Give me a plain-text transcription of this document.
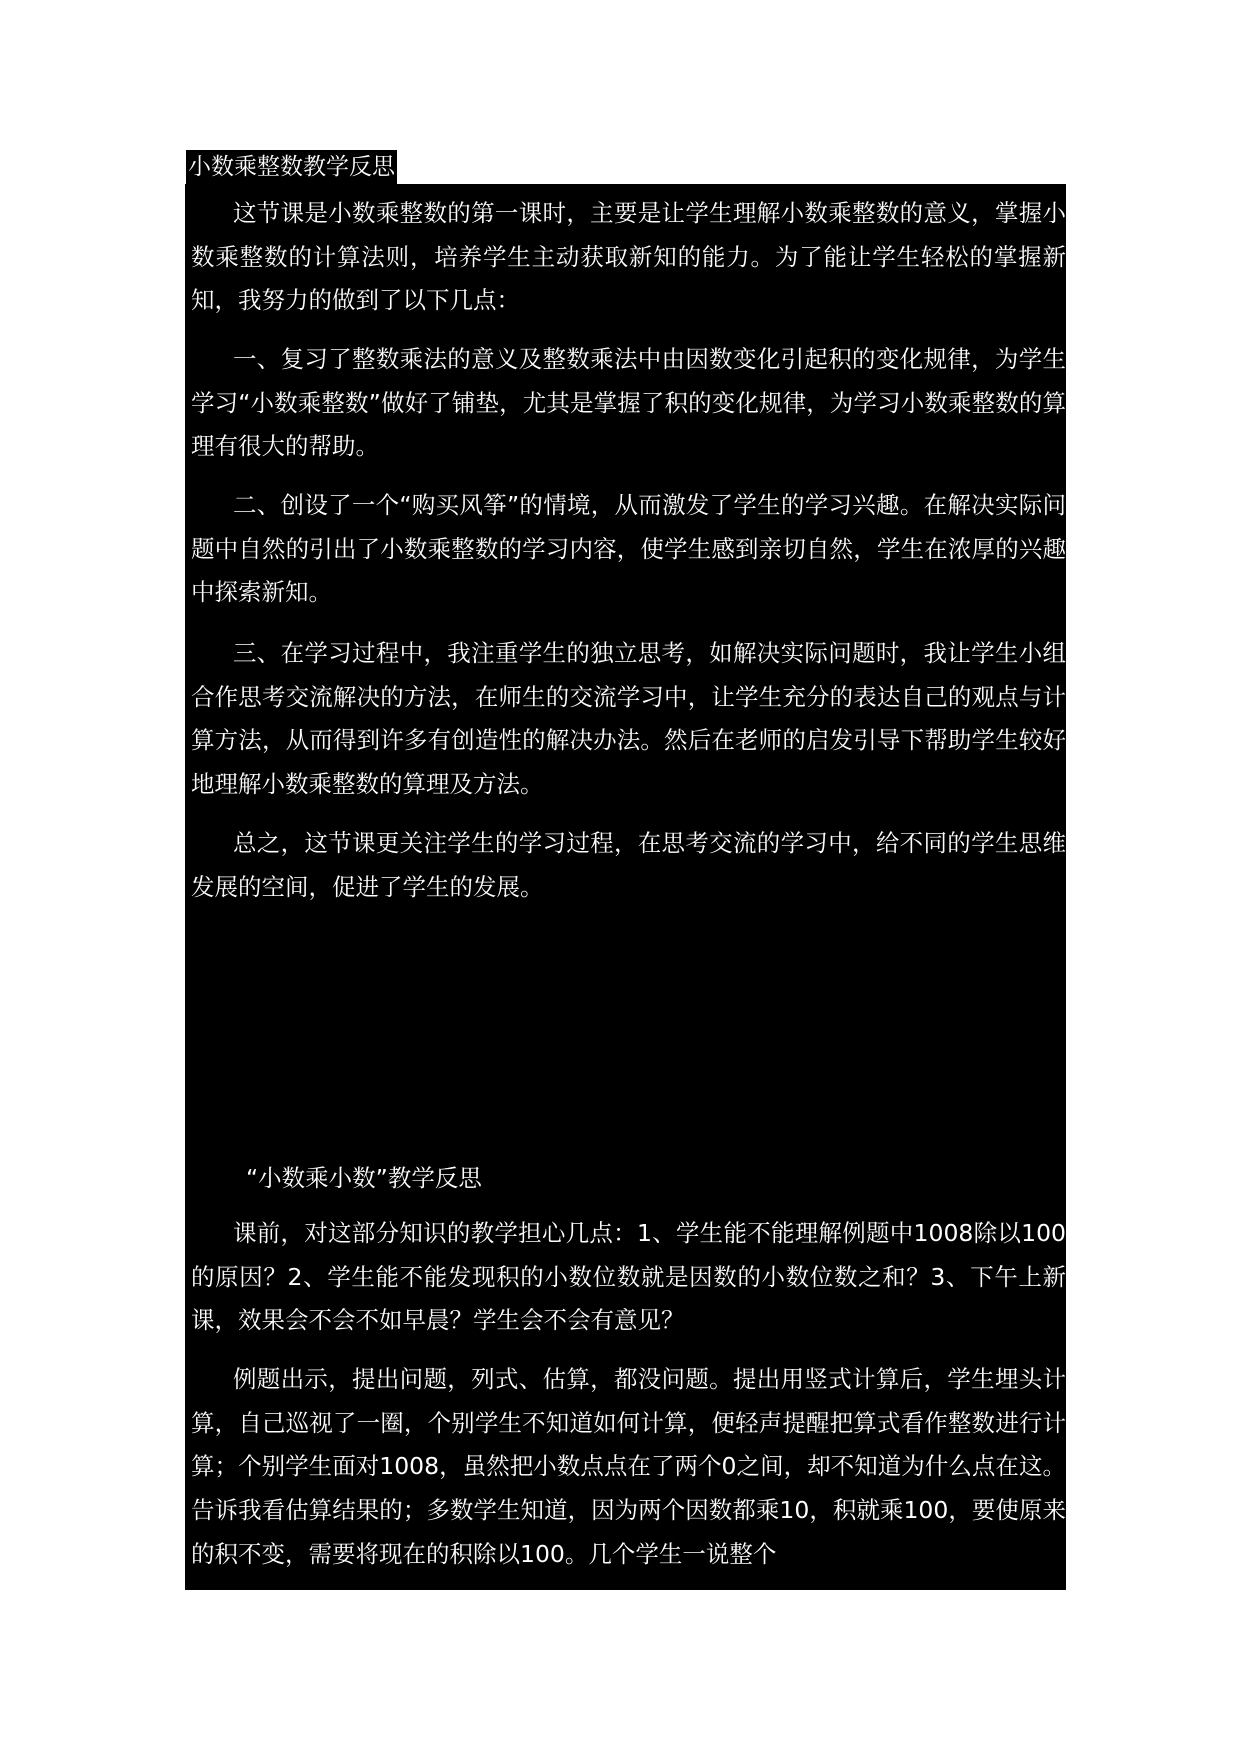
小数乘整数教学反思

这节课是小数乘整数的第一课时，主要是让学生理解小数乘整数的意义，掌握小数乘整数的计算法则，培养学生主动获取新知的能力。为了能让学生轻松的掌握新知，我努力的做到了以下几点：

一、复习了整数乘法的意义及整数乘法中由因数变化引起积的变化规律，为学生学习“小数乘整数”做好了铺垫，尤其是掌握了积的变化规律，为学习小数乘整数的算理有很大的帮助。

二、创设了一个“购买风筝”的情境，从而激发了学生的学习兴趣。在解决实际问题中自然的引出了小数乘整数的学习内容，使学生感到亲切自然，学生在浓厚的兴趣中探索新知。

三、在学习过程中，我注重学生的独立思考，如解决实际问题时，我让学生小组合作思考交流解决的方法，在师生的交流学习中，让学生充分的表达自己的观点与计算方法，从而得到许多有创造性的解决办法。然后在老师的启发引导下帮助学生较好地理解小数乘整数的算理及方法。

总之，这节课更关注学生的学习过程，在思考交流的学习中，给不同的学生思维发展的空间，促进了学生的发展。

“小数乘小数”教学反思

课前，对这部分知识的教学担心几点：1、学生能不能理解例题中1008除以100的原因？2、学生能不能发现积的小数位数就是因数的小数位数之和？3、下午上新课，效果会不会不如早晨？学生会不会有意见？

例题出示，提出问题，列式、估算，都没问题。提出用竖式计算后，学生埋头计算，自己巡视了一圈，个别学生不知道如何计算，便轻声提醒把算式看作整数进行计算；个别学生面对1008，虽然把小数点点在了两个0之间，却不知道为什么点在这。告诉我看估算结果的；多数学生知道，因为两个因数都乘10，积就乘100，要使原来的积不变，需要将现在的积除以100。几个学生一说整个
